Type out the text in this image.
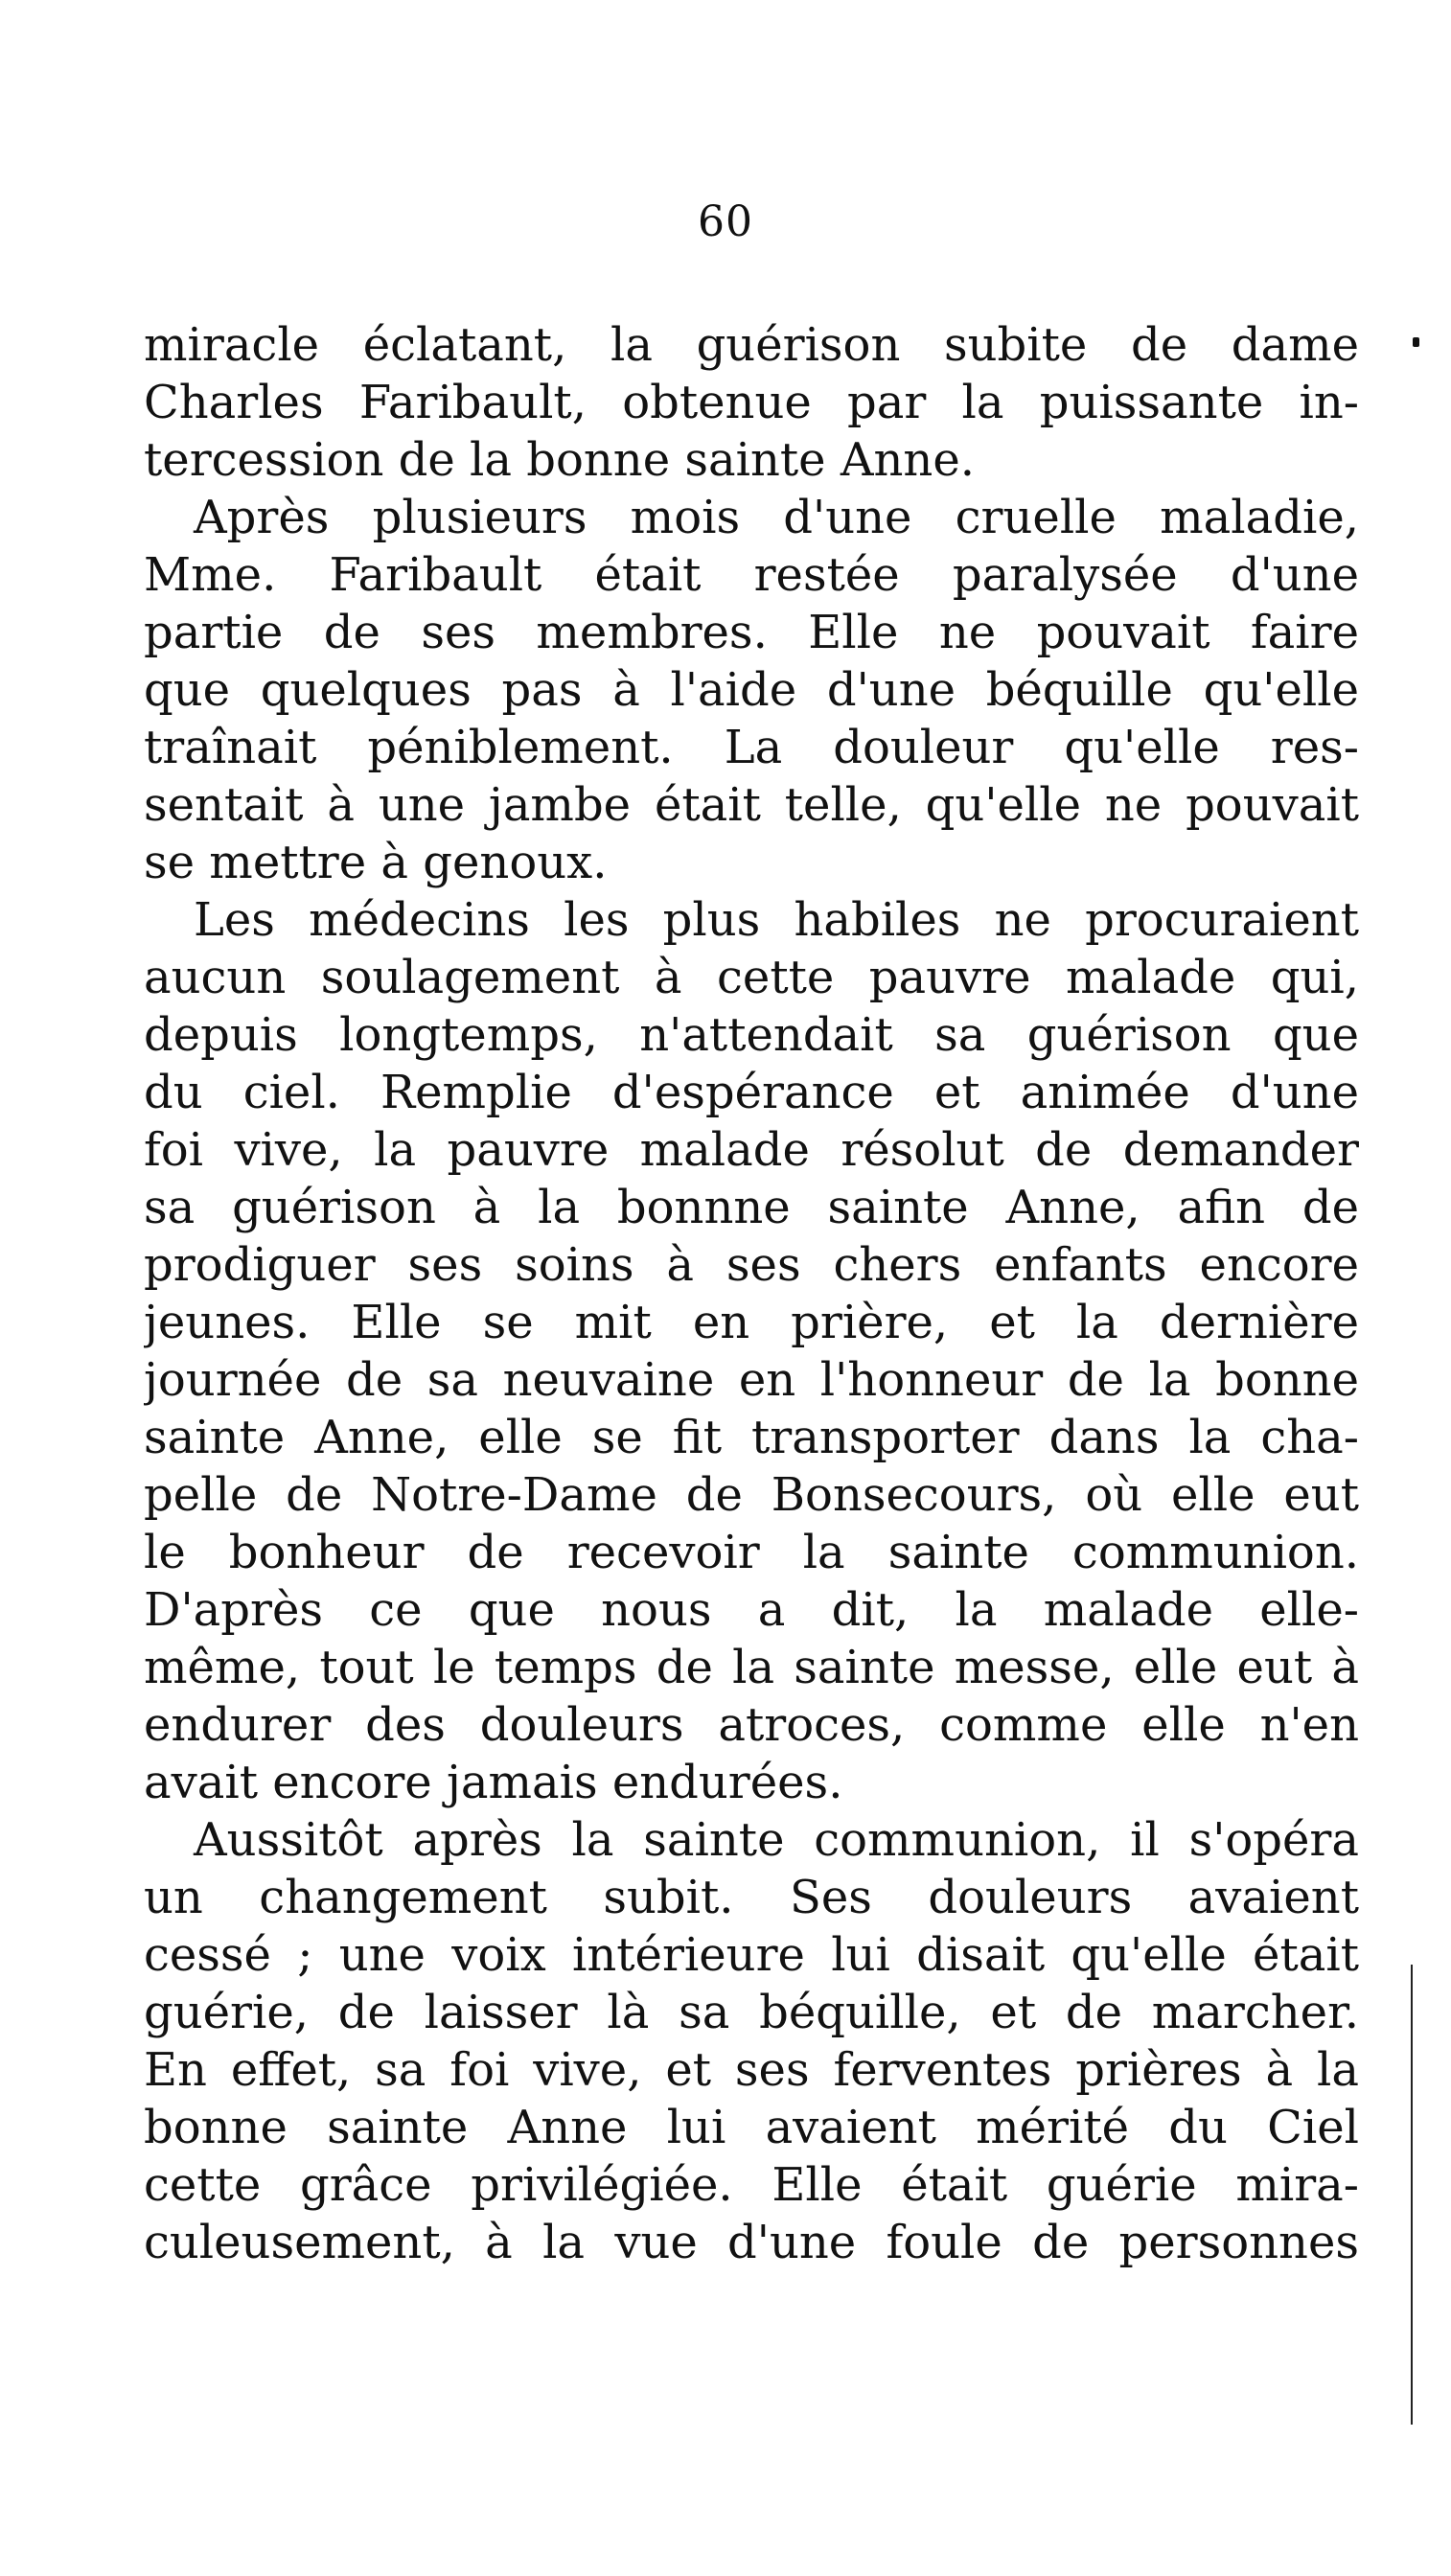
60
miracle éclatant, la guérison subite de dame
Charles Faribault, obtenue par la puissante in-
tercession de la bonne sainte Anne.
Après plusieurs mois d'une cruelle maladie,
Mme. Faribault était restée paralysée d'une
partie de ses membres. Elle ne pouvait faire
que quelques pas à l'aide d'une béquille qu'elle
traînait péniblement. La douleur qu'elle res-
sentait à une jambe était telle, qu'elle ne pouvait
se mettre à genoux.
Les médecins les plus habiles ne procuraient
aucun soulagement à cette pauvre malade qui,
depuis longtemps, n'attendait sa guérison que
du ciel. Remplie d'espérance et animée d'une
foi vive, la pauvre malade résolut de demander
sa guérison à la bonnne sainte Anne, afin de
prodiguer ses soins à ses chers enfants encore
jeunes. Elle se mit en prière, et la dernière
journée de sa neuvaine en l'honneur de la bonne
sainte Anne, elle se fit transporter dans la cha-
pelle de Notre-Dame de Bonsecours, où elle eut
le bonheur de recevoir la sainte communion.
D'après ce que nous a dit, la malade elle-
même, tout le temps de la sainte messe, elle eut à
endurer des douleurs atroces, comme elle n'en
avait encore jamais endurées.
Aussitôt après la sainte communion, il s'opéra
un changement subit. Ses douleurs avaient
cessé ; une voix intérieure lui disait qu'elle était
guérie, de laisser là sa béquille, et de marcher.
En effet, sa foi vive, et ses ferventes prières à la
bonne sainte Anne lui avaient mérité du Ciel
cette grâce privilégiée. Elle était guérie mira-
culeusement, à la vue d'une foule de personnes
